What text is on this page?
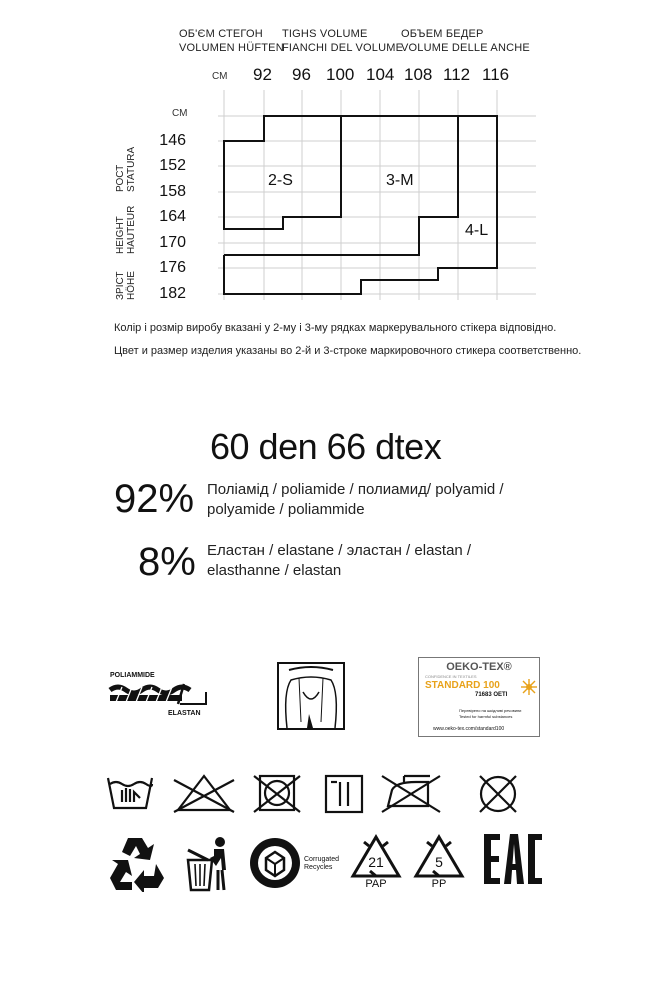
ОБ'ЄМ СТЕГОН
VOLUMEN HÜFTEN
TIGHS VOLUME
FIANCHI DEL VOLUME
ОБЪЕМ БЕДЕР
VOLUME DELLE ANCHE
СМ 92 96 100 104 108 112 116
СМ
146
152
158
164
170
176
182
РОСТ STATURA
HEIGHT HAUTEUR
ЗРІСТ HÖHE
2-S	3-M
4-L
Колір і розмір виробу вказані у 2-му і 3-му рядках маркерувального стікера відповідно.
Цвет и размер изделия указаны во 2-й и 3-строке маркировочного стикера соответственно.
60 den 66 dtex
92% Поліамід / poliamide / полиамид/ polyamid /
polyamide / poliammide
8% Еластан / elastane / эластан / elastan /
elasthanne / elastan
POLIAMMIDE
ELASTAN
OEKO-TEX®
CONFIDENCE IN TEXTILES
STANDARD 100
71683 OETI
Перевірено на шкідливі речовини
Tested for harmful substances
www.oeko-tex.com/standard100
Corrugated
Recycles	21
PAP
5
PP
